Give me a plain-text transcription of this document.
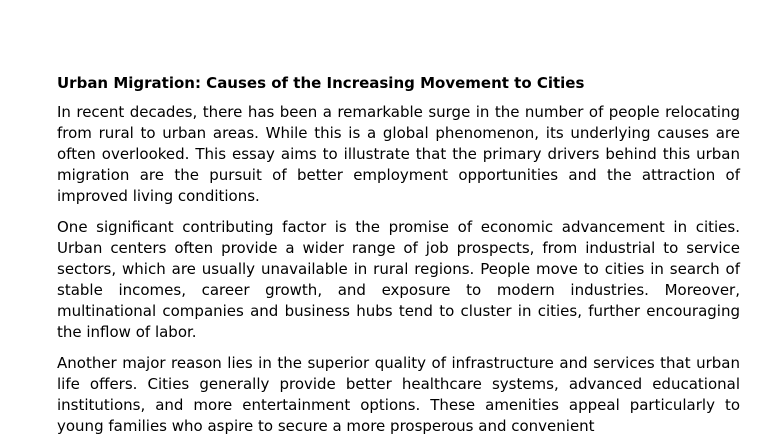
Urban Migration: Causes of the Increasing Movement to Cities

In recent decades, there has been a remarkable surge in the number of people relocating from rural to urban areas. While this is a global phenomenon, its underlying causes are often overlooked. This essay aims to illustrate that the primary drivers behind this urban migration are the pursuit of better employment opportunities and the attraction of improved living conditions.

One significant contributing factor is the promise of economic advancement in cities. Urban centers often provide a wider range of job prospects, from industrial to service sectors, which are usually unavailable in rural regions. People move to cities in search of stable incomes, career growth, and exposure to modern industries. Moreover, multinational companies and business hubs tend to cluster in cities, further encouraging the inflow of labor.

Another major reason lies in the superior quality of infrastructure and services that urban life offers. Cities generally provide better healthcare systems, advanced educational institutions, and more entertainment options. These amenities appeal particularly to young families who aspire to secure a more prosperous and convenient
